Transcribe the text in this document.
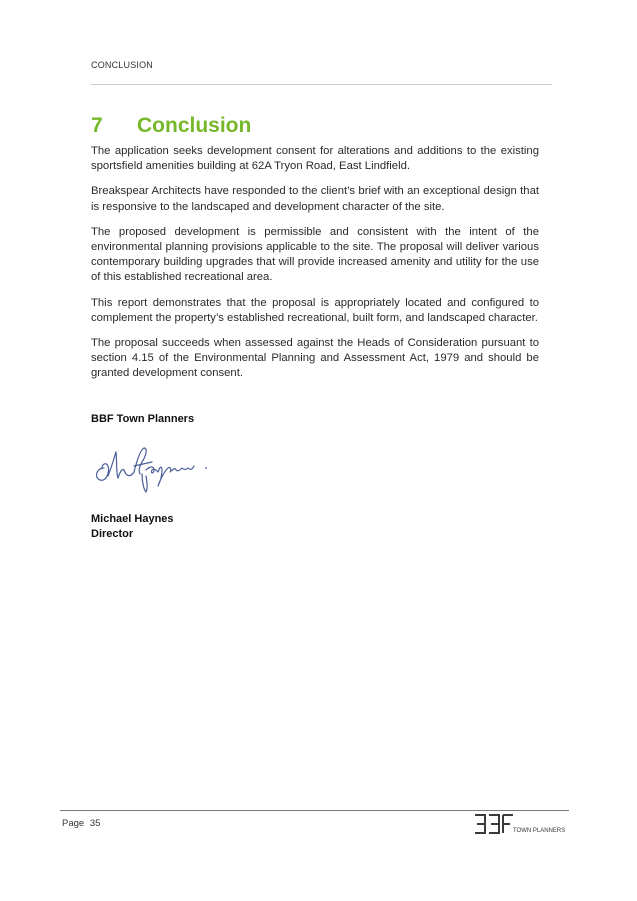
CONCLUSION
7 Conclusion

The application seeks development consent for alterations and additions to the existing sportsfield amenities building at 62A Tryon Road, East Lindfield.

Breakspear Architects have responded to the client’s brief with an exceptional design that is responsive to the landscaped and development character of the site.

The proposed development is permissible and consistent with the intent of the environmental planning provisions applicable to the site. The proposal will deliver various contemporary building upgrades that will provide increased amenity and utility for the use of this established recreational area.

This report demonstrates that the proposal is appropriately located and configured to complement the property’s established recreational, built form, and landscaped character.

The proposal succeeds when assessed against the Heads of Consideration pursuant to section 4.15 of the Environmental Planning and Assessment Act, 1979 and should be granted development consent.

BBF Town Planners
Michael Haynes
Director
Page 35
TOWN PLANNERS
